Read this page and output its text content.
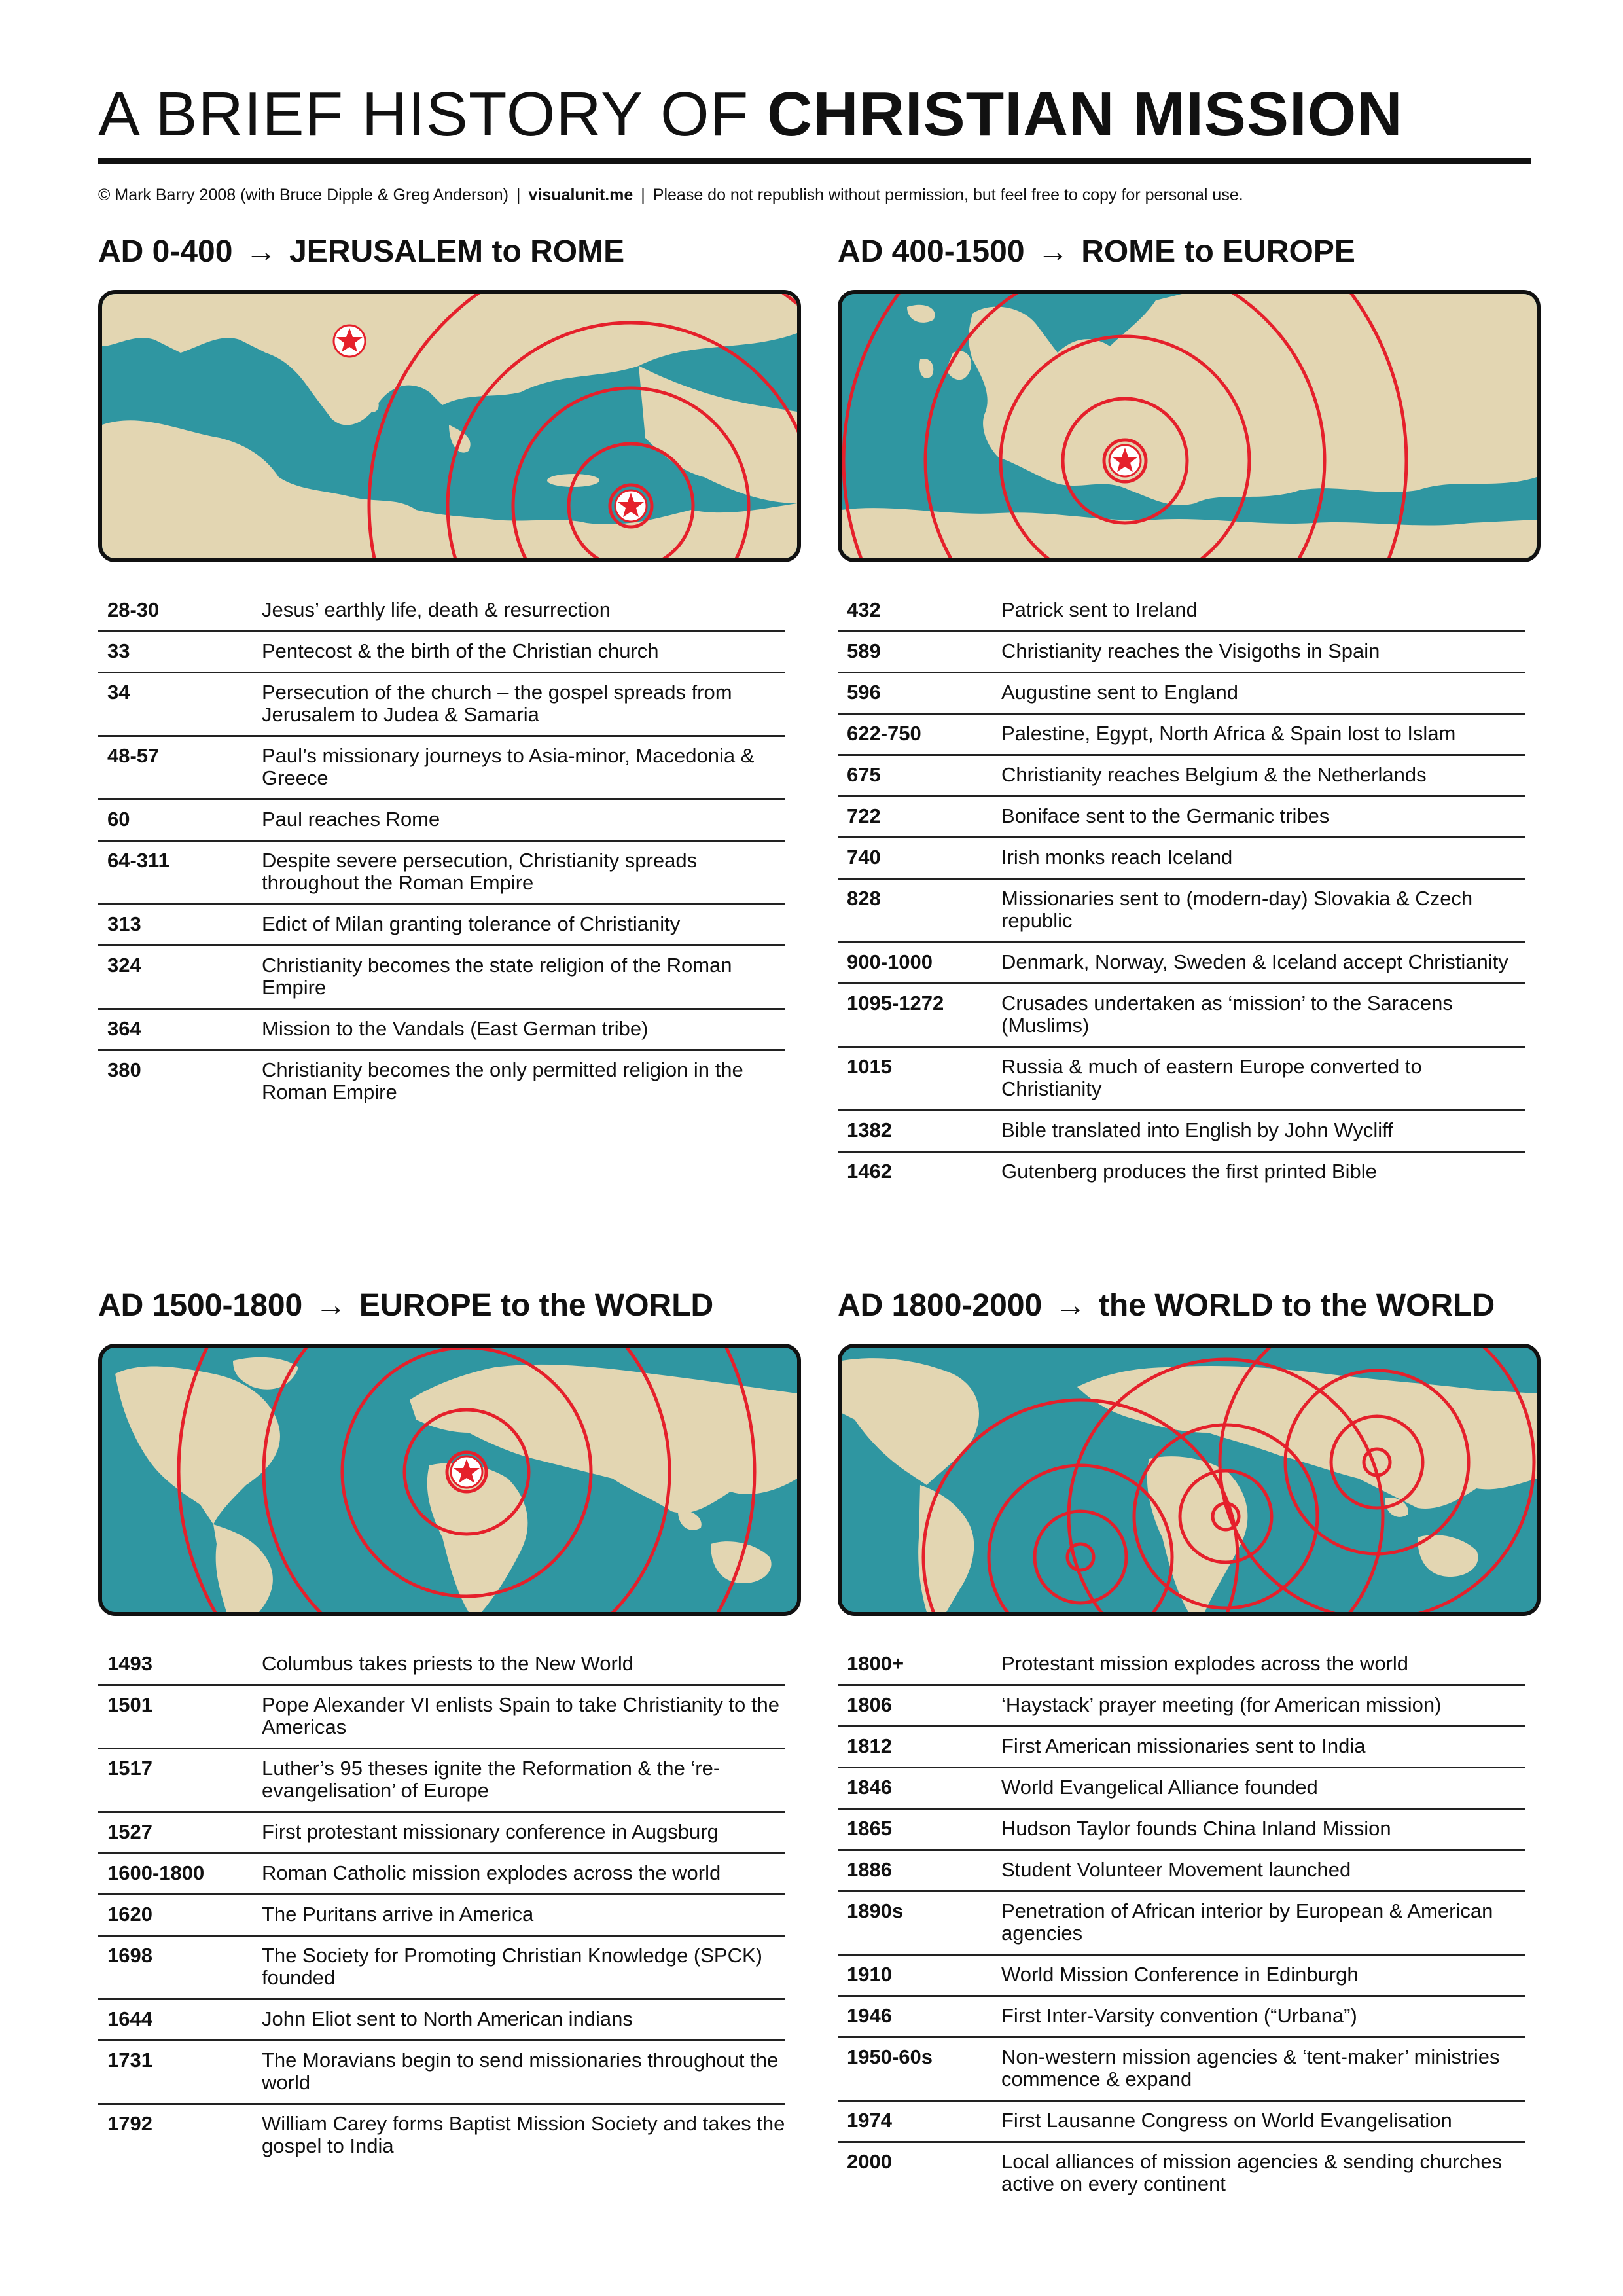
A BRIEF HISTORY OF CHRISTIAN MISSION
© Mark Barry 2008 (with Bruce Dipple & Greg Anderson) | visualunit.me | Please do not republish without permission, but feel free to copy for personal use.
AD 0-400 → JERUSALEM to ROME
28-30	Jesus’ earthly life, death & resurrection
33	Pentecost & the birth of the Christian church
34	Persecution of the church – the gospel spreads from Jerusalem to Judea & Samaria
48-57	Paul’s missionary journeys to Asia-minor, Macedonia & Greece
60	Paul reaches Rome
64-311	Despite severe persecution, Christianity spreads throughout the Roman Empire
313	Edict of Milan granting tolerance of Christianity
324	Christianity becomes the state religion of the Roman Empire
364	Mission to the Vandals (East German tribe)
380	Christianity becomes the only permitted religion in the Roman Empire
AD 400-1500 → ROME to EUROPE
432	Patrick sent to Ireland
589	Christianity reaches the Visigoths in Spain
596	Augustine sent to England
622-750	Palestine, Egypt, North Africa & Spain lost to Islam
675	Christianity reaches Belgium & the Netherlands
722	Boniface sent to the Germanic tribes
740	Irish monks reach Iceland
828	Missionaries sent to (modern-day) Slovakia & Czech republic
900-1000	Denmark, Norway, Sweden & Iceland accept Christianity
1095-1272	Crusades undertaken as ‘mission’ to the Saracens (Muslims)
1015	Russia & much of eastern Europe converted to Christianity
1382	Bible translated into English by John Wycliff
1462	Gutenberg produces the first printed Bible
AD 1500-1800 → EUROPE to the WORLD
1493	Columbus takes priests to the New World
1501	Pope Alexander VI enlists Spain to take Christianity to the Americas
1517	Luther’s 95 theses ignite the Reformation & the ‘re-evangelisation’ of Europe
1527	First protestant missionary conference in Augsburg
1600-1800	Roman Catholic mission explodes across the world
1620	The Puritans arrive in America
1698	The Society for Promoting Christian Knowledge (SPCK) founded
1644	John Eliot sent to North American indians
1731	The Moravians begin to send missionaries throughout the world
1792	William Carey forms Baptist Mission Society and takes the gospel to India
AD 1800-2000 → the WORLD to the WORLD
1800+	Protestant mission explodes across the world
1806	‘Haystack’ prayer meeting (for American mission)
1812	First American missionaries sent to India
1846	World Evangelical Alliance founded
1865	Hudson Taylor founds China Inland Mission
1886	Student Volunteer Movement launched
1890s	Penetration of African interior by European & American agencies
1910	World Mission Conference in Edinburgh
1946	First Inter-Varsity convention (“Urbana”)
1950-60s	Non-western mission agencies & ‘tent-maker’ ministries commence & expand
1974	First Lausanne Congress on World Evangelisation
2000	Local alliances of mission agencies & sending churches active on every continent
